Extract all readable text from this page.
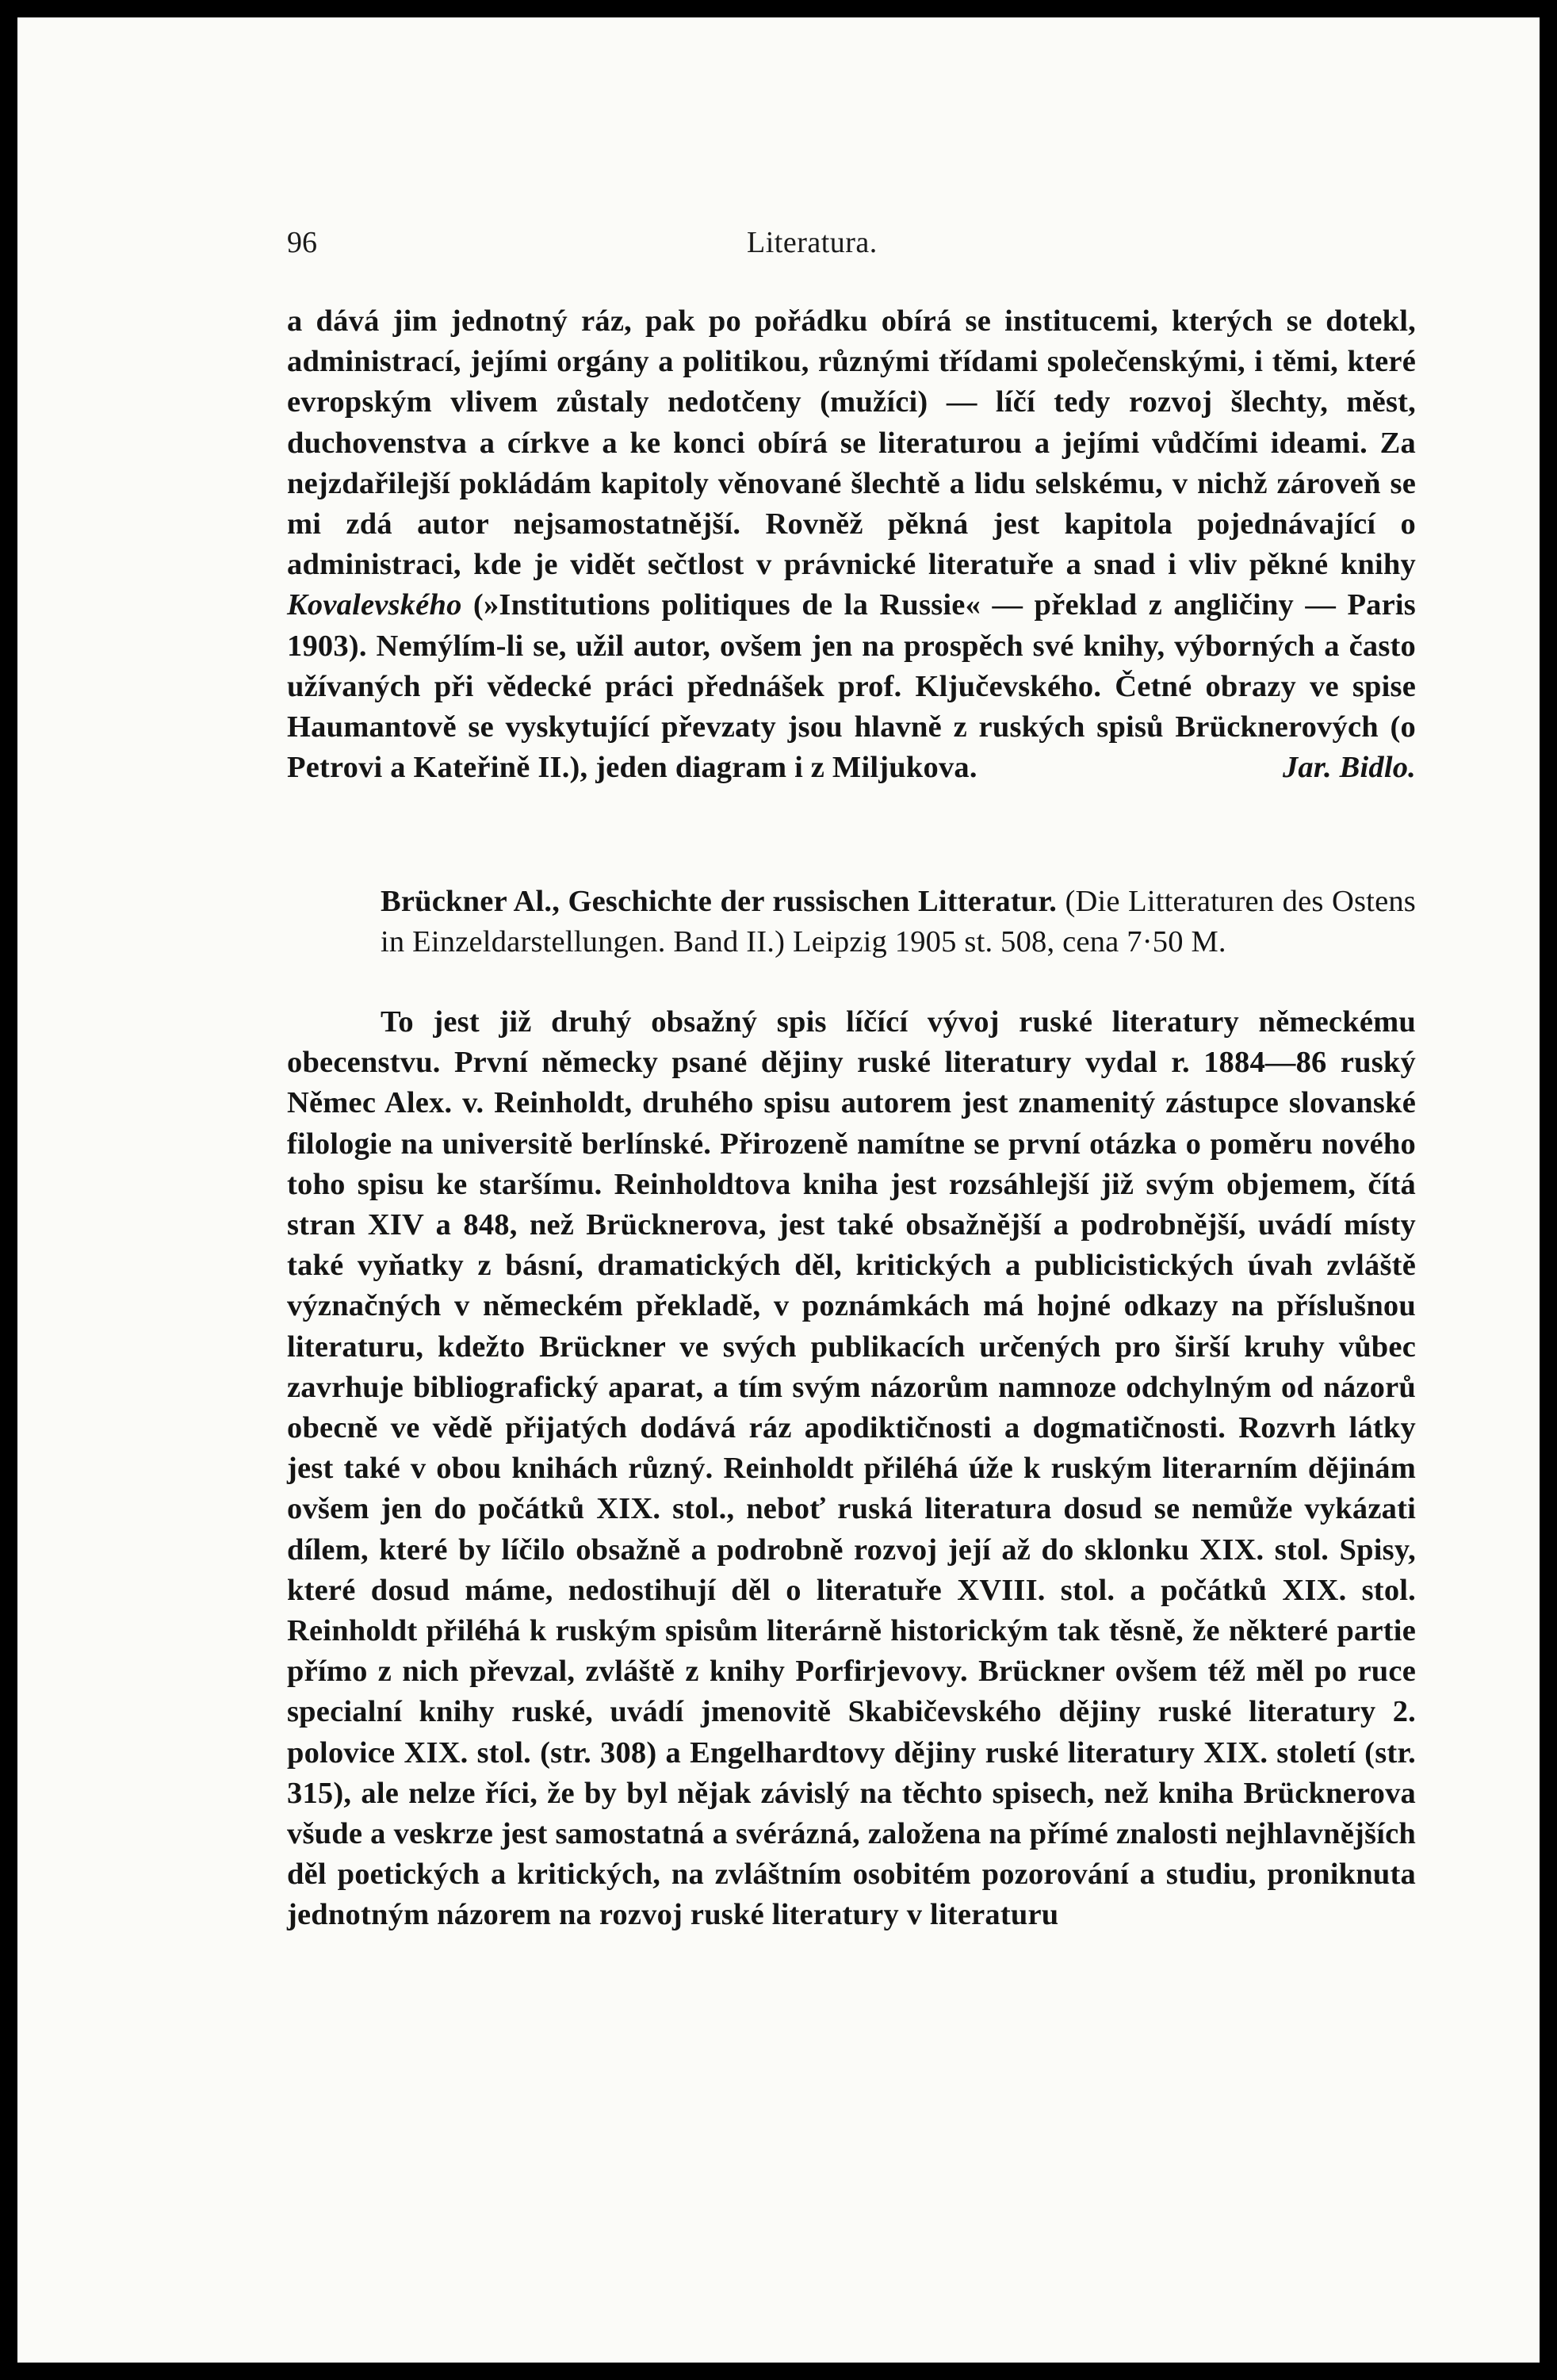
96	Literatura.

a dává jim jednotný ráz, pak po pořádku obírá se institucemi, kterých se dotekl, administrací, jejími orgány a politikou, různými třídami společenskými, i těmi, které evropským vlivem zůstaly nedotčeny (mužíci) — líčí tedy rozvoj šlechty, měst, duchovenstva a církve a ke konci obírá se literaturou a jejími vůdčími ideami. Za nejzdařilejší pokládám kapitoly věnované šlechtě a lidu selskému, v nichž zároveň se mi zdá autor nejsamostatnější. Rovněž pěkná jest kapitola pojednávající o administraci, kde je vidět sečtlost v právnické literatuře a snad i vliv pěkné knihy Kovalevského (»Institutions politiques de la Russie« — překlad z angličiny — Paris 1903). Nemýlím-li se, užil autor, ovšem jen na prospěch své knihy, výborných a často užívaných při vědecké práci přednášek prof. Ključevského. Četné obrazy ve spise Haumantově se vyskytující převzaty jsou hlavně z ruských spisů Brücknerových (o Petrovi a Kateřině II.), jeden diagram i z Miljukova.	Jar. Bidlo.

Brückner Al., Geschichte der russischen Litteratur. (Die Litteraturen des Ostens in Einzeldarstellungen. Band II.) Leipzig 1905 st. 508, cena 7·50 M.

To jest již druhý obsažný spis líčící vývoj ruské literatury německému obecenstvu. První německy psané dějiny ruské literatury vydal r. 1884—86 ruský Němec Alex. v. Reinholdt, druhého spisu autorem jest znamenitý zástupce slovanské filologie na universitě berlínské. Přirozeně namítne se první otázka o poměru nového toho spisu ke staršímu. Reinholdtova kniha jest rozsáhlejší již svým objemem, čítá stran XIV a 848, než Brücknerova, jest také obsažnější a podrobnější, uvádí místy také vyňatky z básní, dramatických děl, kritických a publicistických úvah zvláště význačných v německém překladě, v poznámkách má hojné odkazy na příslušnou literaturu, kdežto Brückner ve svých publikacích určených pro širší kruhy vůbec zavrhuje bibliografický aparat, a tím svým názorům namnoze odchylným od názorů obecně ve vědě přijatých dodává ráz apodiktičnosti a dogmatičnosti. Rozvrh látky jest také v obou knihách různý. Reinholdt přiléhá úže k ruským literarním dějinám ovšem jen do počátků XIX. stol., neboť ruská literatura dosud se nemůže vykázati dílem, které by líčilo obsažně a podrobně rozvoj její až do sklonku XIX. stol. Spisy, které dosud máme, nedostihují děl o literatuře XVIII. stol. a počátků XIX. stol. Reinholdt přiléhá k ruským spisům literárně historickým tak těsně, že některé partie přímo z nich převzal, zvláště z knihy Porfirjevovy. Brückner ovšem též měl po ruce specialní knihy ruské, uvádí jmenovitě Skabičevského dějiny ruské literatury 2. polovice XIX. stol. (str. 308) a Engelhardtovy dějiny ruské literatury XIX. století (str. 315), ale nelze říci, že by byl nějak závislý na těchto spisech, než kniha Brücknerova všude a veskrze jest samostatná a svérázná, založena na přímé znalosti nejhlavnějších děl poetických a kritických, na zvláštním osobitém pozorování a studiu, proniknuta jednotným názorem na rozvoj ruské literatury v literaturu
